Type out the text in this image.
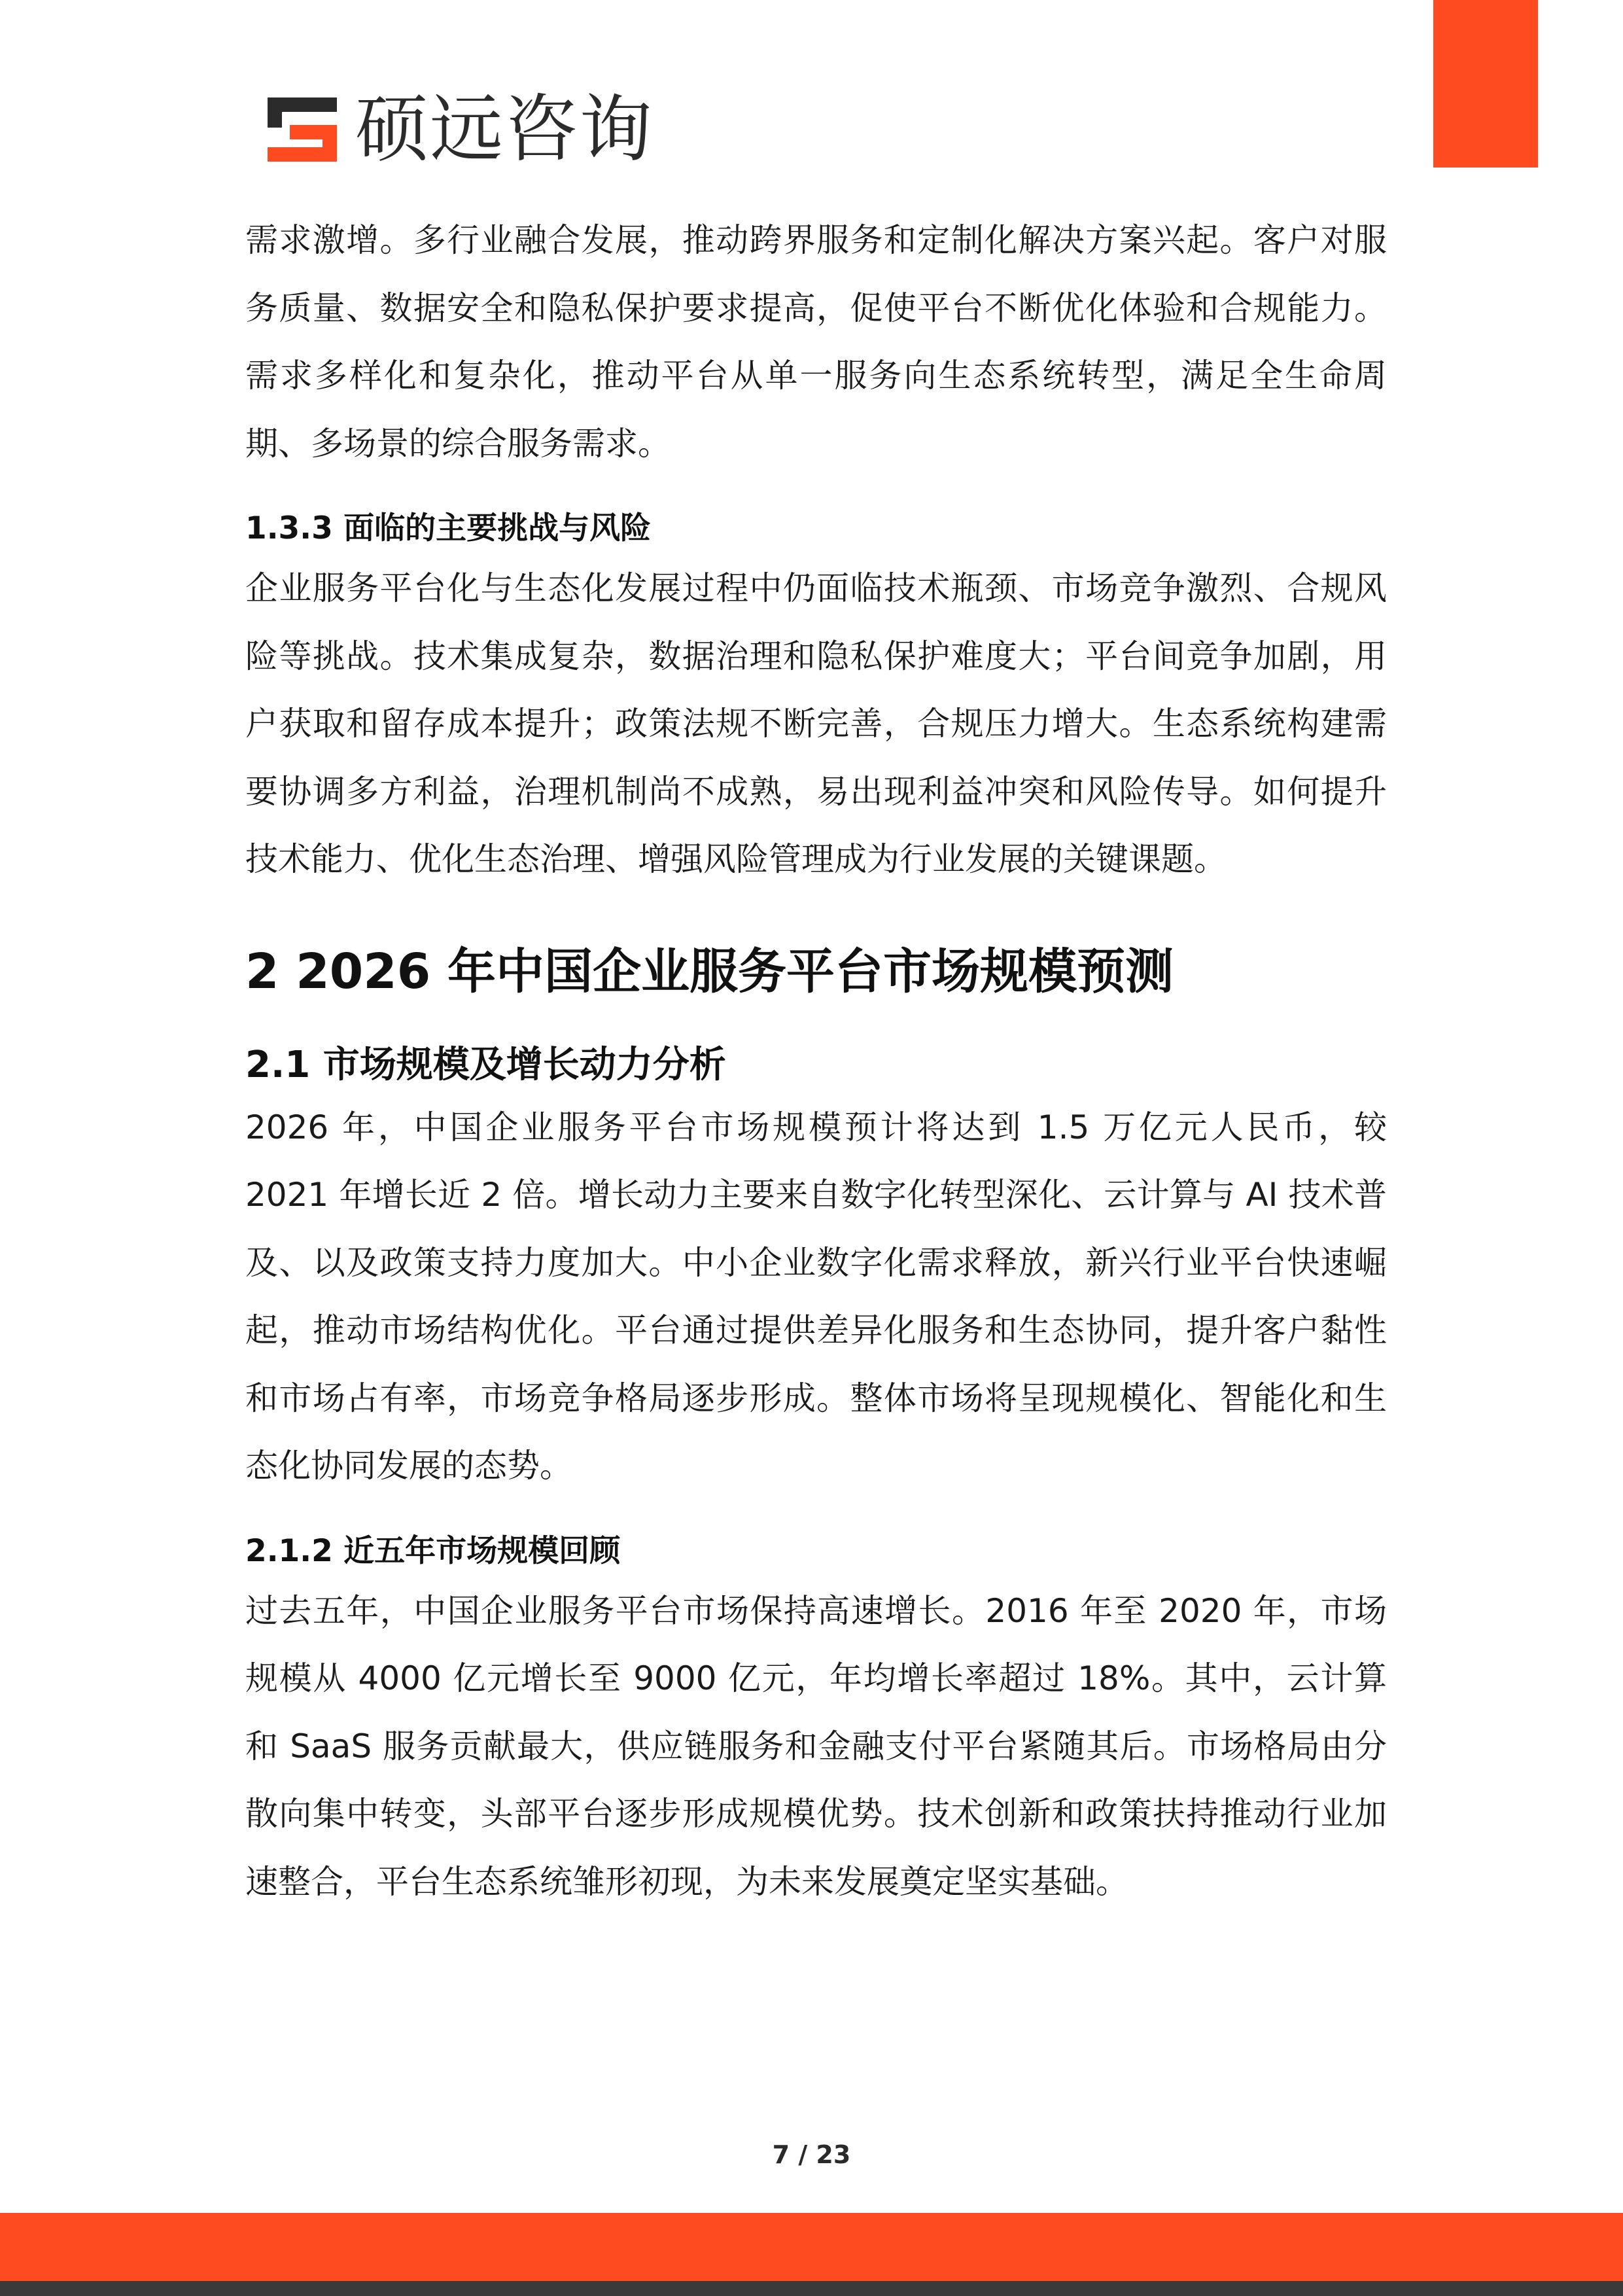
硕远咨询

需求激增。多行业融合发展，推动跨界服务和定制化解决方案兴起。客户对服务质量、数据安全和隐私保护要求提高，促使平台不断优化体验和合规能力。需求多样化和复杂化，推动平台从单一服务向生态系统转型，满足全生命周期、多场景的综合服务需求。

1.3.3 面临的主要挑战与风险

企业服务平台化与生态化发展过程中仍面临技术瓶颈、市场竞争激烈、合规风险等挑战。技术集成复杂，数据治理和隐私保护难度大；平台间竞争加剧，用户获取和留存成本提升；政策法规不断完善，合规压力增大。生态系统构建需要协调多方利益，治理机制尚不成熟，易出现利益冲突和风险传导。如何提升技术能力、优化生态治理、增强风险管理成为行业发展的关键课题。

2 2026 年中国企业服务平台市场规模预测
2.1 市场规模及增长动力分析

2026 年，中国企业服务平台市场规模预计将达到 1.5 万亿元人民币，较 2021 年增长近 2 倍。增长动力主要来自数字化转型深化、云计算与 AI 技术普及、以及政策支持力度加大。中小企业数字化需求释放，新兴行业平台快速崛起，推动市场结构优化。平台通过提供差异化服务和生态协同，提升客户黏性和市场占有率，市场竞争格局逐步形成。整体市场将呈现规模化、智能化和生态化协同发展的态势。

2.1.2 近五年市场规模回顾

过去五年，中国企业服务平台市场保持高速增长。2016 年至 2020 年，市场规模从 4000 亿元增长至 9000 亿元，年均增长率超过 18%。其中，云计算和 SaaS 服务贡献最大，供应链服务和金融支付平台紧随其后。市场格局由分散向集中转变，头部平台逐步形成规模优势。技术创新和政策扶持推动行业加速整合，平台生态系统雏形初现，为未来发展奠定坚实基础。

7 / 23
